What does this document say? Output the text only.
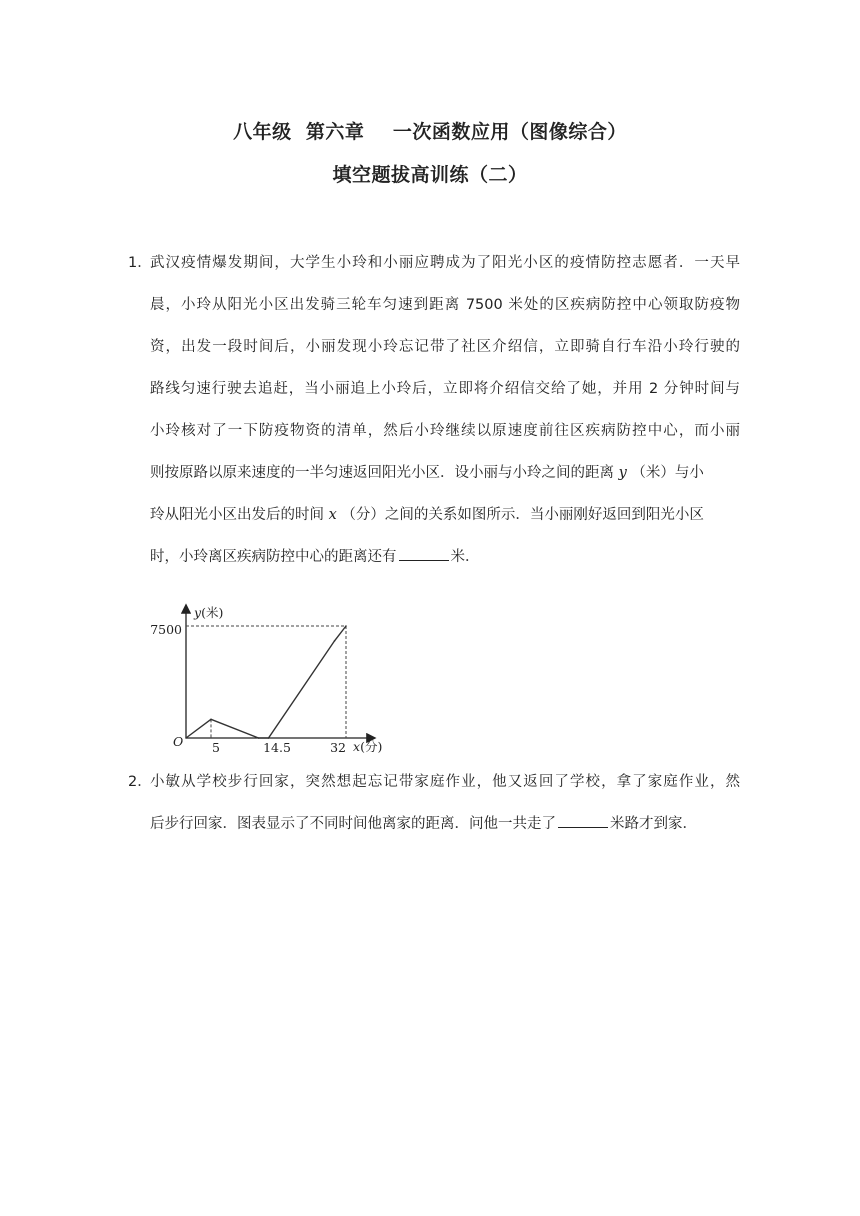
八年级  第六章    一次函数应用（图像综合）
填空题拔高训练（二）
1．
武汉疫情爆发期间，大学生小玲和小丽应聘成为了阳光小区的疫情防控志愿者．一天早
晨，小玲从阳光小区出发骑三轮车匀速到距离 7500 米处的区疾病防控中心领取防疫物
资，出发一段时间后，小丽发现小玲忘记带了社区介绍信，立即骑自行车沿小玲行驶的
路线匀速行驶去追赶，当小丽追上小玲后，立即将介绍信交给了她，并用 2 分钟时间与
小玲核对了一下防疫物资的清单，然后小玲继续以原速度前往区疾病防控中心，而小丽
则按原路以原来速度的一半匀速返回阳光小区．设小丽与小玲之间的距离 y （米）与小
玲从阳光小区出发后的时间 x （分）之间的关系如图所示．当小丽刚好返回到阳光小区
时，小玲离区疾病防控中心的距离还有	米．
y(米)
x(分)
O
7500
5	14.5	32
2．
小敏从学校步行回家，突然想起忘记带家庭作业，他又返回了学校，拿了家庭作业，然
后步行回家．图表显示了不同时间他离家的距离．问他一共走了	米路才到家．
